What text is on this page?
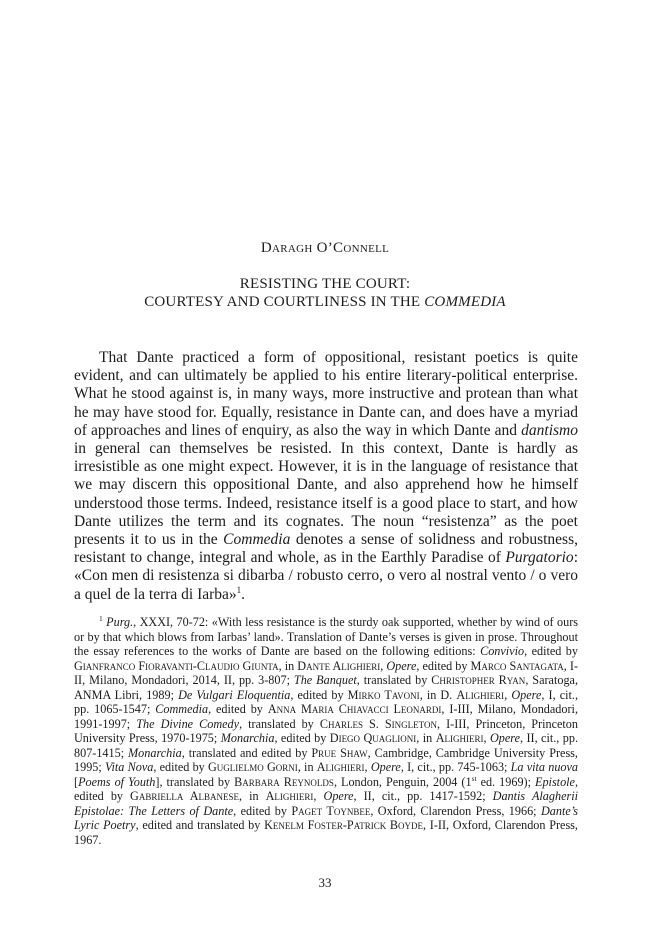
Daragh O’Connell
RESISTING THE COURT:
COURTESY AND COURTLINESS IN THE COMMEDIA

That Dante practiced a form of oppositional, resistant poetics is quite evident, and can ultimately be applied to his entire literary-political enterprise. What he stood against is, in many ways, more instructive and protean than what he may have stood for. Equally, resistance in Dante can, and does have a myriad of approaches and lines of enquiry, as also the way in which Dante and dantismo in general can themselves be resisted. In this context, Dante is hardly as irresistible as one might expect. However, it is in the language of resistance that we may discern this oppositional Dante, and also apprehend how he himself understood those terms. Indeed, resistance itself is a good place to start, and how Dante utilizes the term and its cognates. The noun “resistenza” as the poet presents it to us in the Commedia denotes a sense of solidness and robustness, resistant to change, integral and whole, as in the Earthly Paradise of Purgatorio: «Con men di resistenza si dibarba / robusto cerro, o vero al nostral vento / o vero a quel de la terra di Iarba»$^1$.

$^1$ Purg., XXXI, 70-72: «With less resistance is the sturdy oak supported, whether by wind of ours or by that which blows from Iarbas’ land». Translation of Dante’s verses is given in prose. Throughout the essay references to the works of Dante are based on the following editions: Convivio, edited by Gianfranco Fioravanti-Claudio Giunta, in Dante Alighieri, Opere, edited by Marco Santagata, I-II, Milano, Mondadori, 2014, II, pp. 3-807; The Banquet, translated by Christopher Ryan, Saratoga, ANMA Libri, 1989; De Vulgari Eloquentia, edited by Mirko Tavoni, in D. Alighieri, Opere, I, cit., pp. 1065-1547; Commedia, edited by Anna Maria Chiavacci Leonardi, I-III, Milano, Mondadori, 1991-1997; The Divine Comedy, translated by Charles S. Singleton, I-III, Princeton, Princeton University Press, 1970-1975; Monarchia, edited by Diego Quaglioni, in Alighieri, Opere, II, cit., pp. 807-1415; Monarchia, translated and edited by Prue Shaw, Cambridge, Cambridge University Press, 1995; Vita Nova, edited by Guglielmo Gorni, in Alighieri, Opere, I, cit., pp. 745-1063; La vita nuova [Poems of Youth], translated by Barbara Reynolds, London, Penguin, 2004 (1st ed. 1969); Epistole, edited by Gabriella Albanese, in Alighieri, Opere, II, cit., pp. 1417-1592; Dantis Alagherii Epistolae: The Letters of Dante, edited by Paget Toynbee, Oxford, Clarendon Press, 1966; Dante’s Lyric Poetry, edited and translated by Kenelm Foster-Patrick Boyde, I-II, Oxford, Clarendon Press, 1967.

33
